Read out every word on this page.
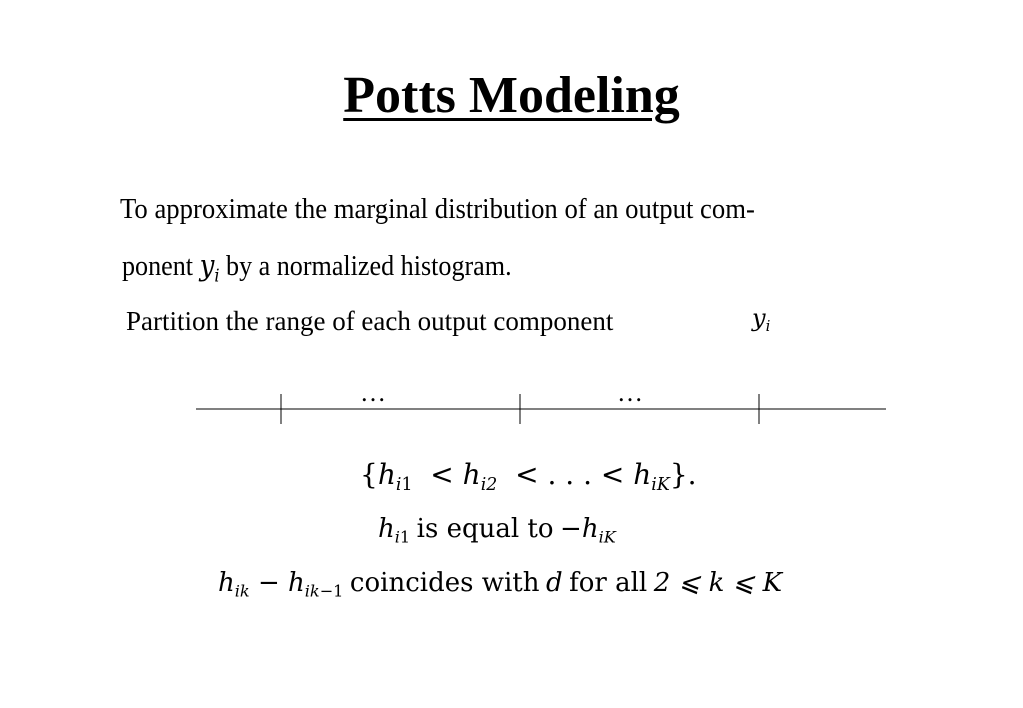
Potts Modeling
To approximate the marginal distribution of an output com-
ponent $y_i$ by a normalized histogram.
Partition the range of each output component	$y_i$
…	…
{$h_{i1} < h_{i2}$  < . . . < $h_{iK}$}.
$h_{i1}$ is equal to $-h_{iK}$
$h_{ik} - h_{ik-1}$ coincides with d for all 2 ⩽ k ⩽ K
